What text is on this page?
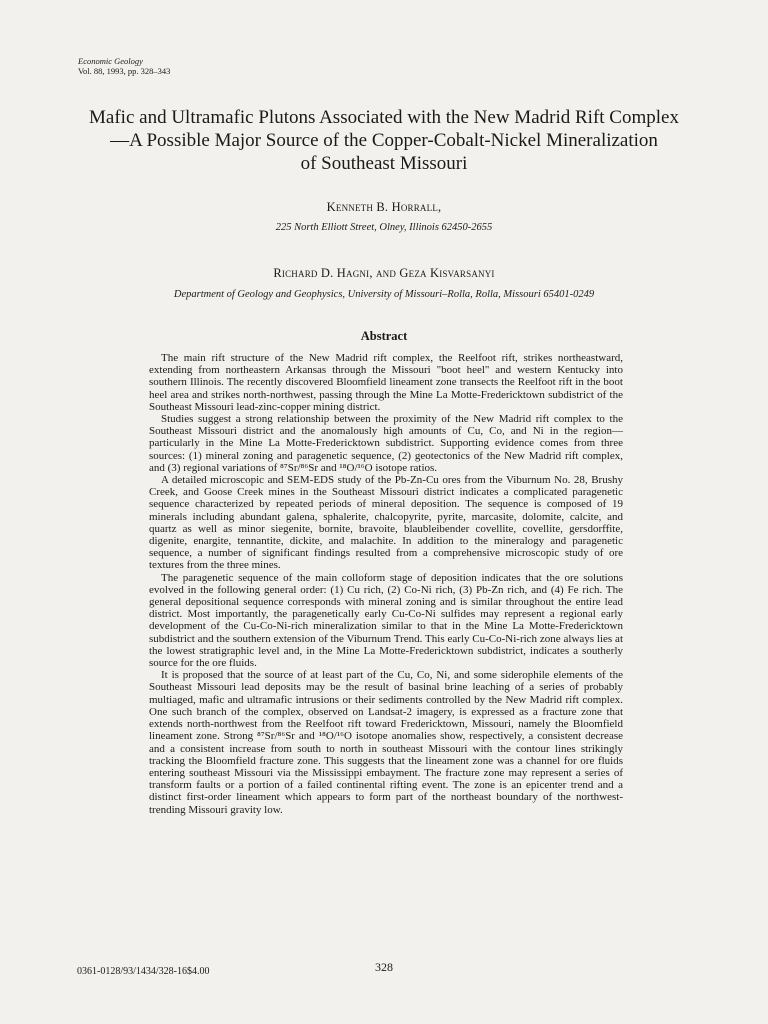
Economic Geology
Vol. 88, 1993, pp. 328–343
Mafic and Ultramafic Plutons Associated with the New Madrid Rift Complex
—A Possible Major Source of the Copper-Cobalt-Nickel Mineralization
of Southeast Missouri
Kenneth B. Horrall,
225 North Elliott Street, Olney, Illinois 62450-2655
Richard D. Hagni, and Geza Kisvarsanyi
Department of Geology and Geophysics, University of Missouri–Rolla, Rolla, Missouri 65401-0249
Abstract

The main rift structure of the New Madrid rift complex, the Reelfoot rift, strikes northeastward, extending from northeastern Arkansas through the Missouri "boot heel" and western Kentucky into southern Illinois. The recently discovered Bloomfield lineament zone transects the Reelfoot rift in the boot heel area and strikes north-northwest, passing through the Mine La Motte-Fredericktown subdistrict of the Southeast Missouri lead-zinc-copper mining district.

Studies suggest a strong relationship between the proximity of the New Madrid rift complex to the Southeast Missouri district and the anomalously high amounts of Cu, Co, and Ni in the region—particularly in the Mine La Motte-Fredericktown subdistrict. Supporting evidence comes from three sources: (1) mineral zoning and paragenetic sequence, (2) geotectonics of the New Madrid rift complex, and (3) regional variations of ⁸⁷Sr/⁸⁶Sr and ¹⁸O/¹⁶O isotope ratios.

A detailed microscopic and SEM-EDS study of the Pb-Zn-Cu ores from the Viburnum No. 28, Brushy Creek, and Goose Creek mines in the Southeast Missouri district indicates a complicated paragenetic sequence characterized by repeated periods of mineral deposition. The sequence is composed of 19 minerals including abundant galena, sphalerite, chalcopyrite, pyrite, marcasite, dolomite, calcite, and quartz as well as minor siegenite, bornite, bravoite, blaubleibender covellite, covellite, gersdorffite, digenite, enargite, tennantite, dickite, and malachite. In addition to the mineralogy and paragenetic sequence, a number of significant findings resulted from a comprehensive microscopic study of ore textures from the three mines.

The paragenetic sequence of the main colloform stage of deposition indicates that the ore solutions evolved in the following general order: (1) Cu rich, (2) Co-Ni rich, (3) Pb-Zn rich, and (4) Fe rich. The general depositional sequence corresponds with mineral zoning and is similar throughout the entire lead district. Most importantly, the paragenetically early Cu-Co-Ni sulfides may represent a regional early development of the Cu-Co-Ni-rich mineralization similar to that in the Mine La Motte-Fredericktown subdistrict and the southern extension of the Viburnum Trend. This early Cu-Co-Ni-rich zone always lies at the lowest stratigraphic level and, in the Mine La Motte-Fredericktown subdistrict, indicates a southerly source for the ore fluids.

It is proposed that the source of at least part of the Cu, Co, Ni, and some siderophile elements of the Southeast Missouri lead deposits may be the result of basinal brine leaching of a series of probably multiaged, mafic and ultramafic intrusions or their sediments controlled by the New Madrid rift complex. One such branch of the complex, observed on Landsat-2 imagery, is expressed as a fracture zone that extends north-northwest from the Reelfoot rift toward Fredericktown, Missouri, namely the Bloomfield lineament zone. Strong ⁸⁷Sr/⁸⁶Sr and ¹⁸O/¹⁶O isotope anomalies show, respectively, a consistent decrease and a consistent increase from south to north in southeast Missouri with the contour lines strikingly tracking the Bloomfield fracture zone. This suggests that the lineament zone was a channel for ore fluids entering southeast Missouri via the Mississippi embayment. The fracture zone may represent a series of transform faults or a portion of a failed continental rifting event. The zone is an epicenter trend and a distinct first-order lineament which appears to form part of the northeast boundary of the northwest-trending Missouri gravity low.

0361-0128/93/1434/328-16$4.00	328
